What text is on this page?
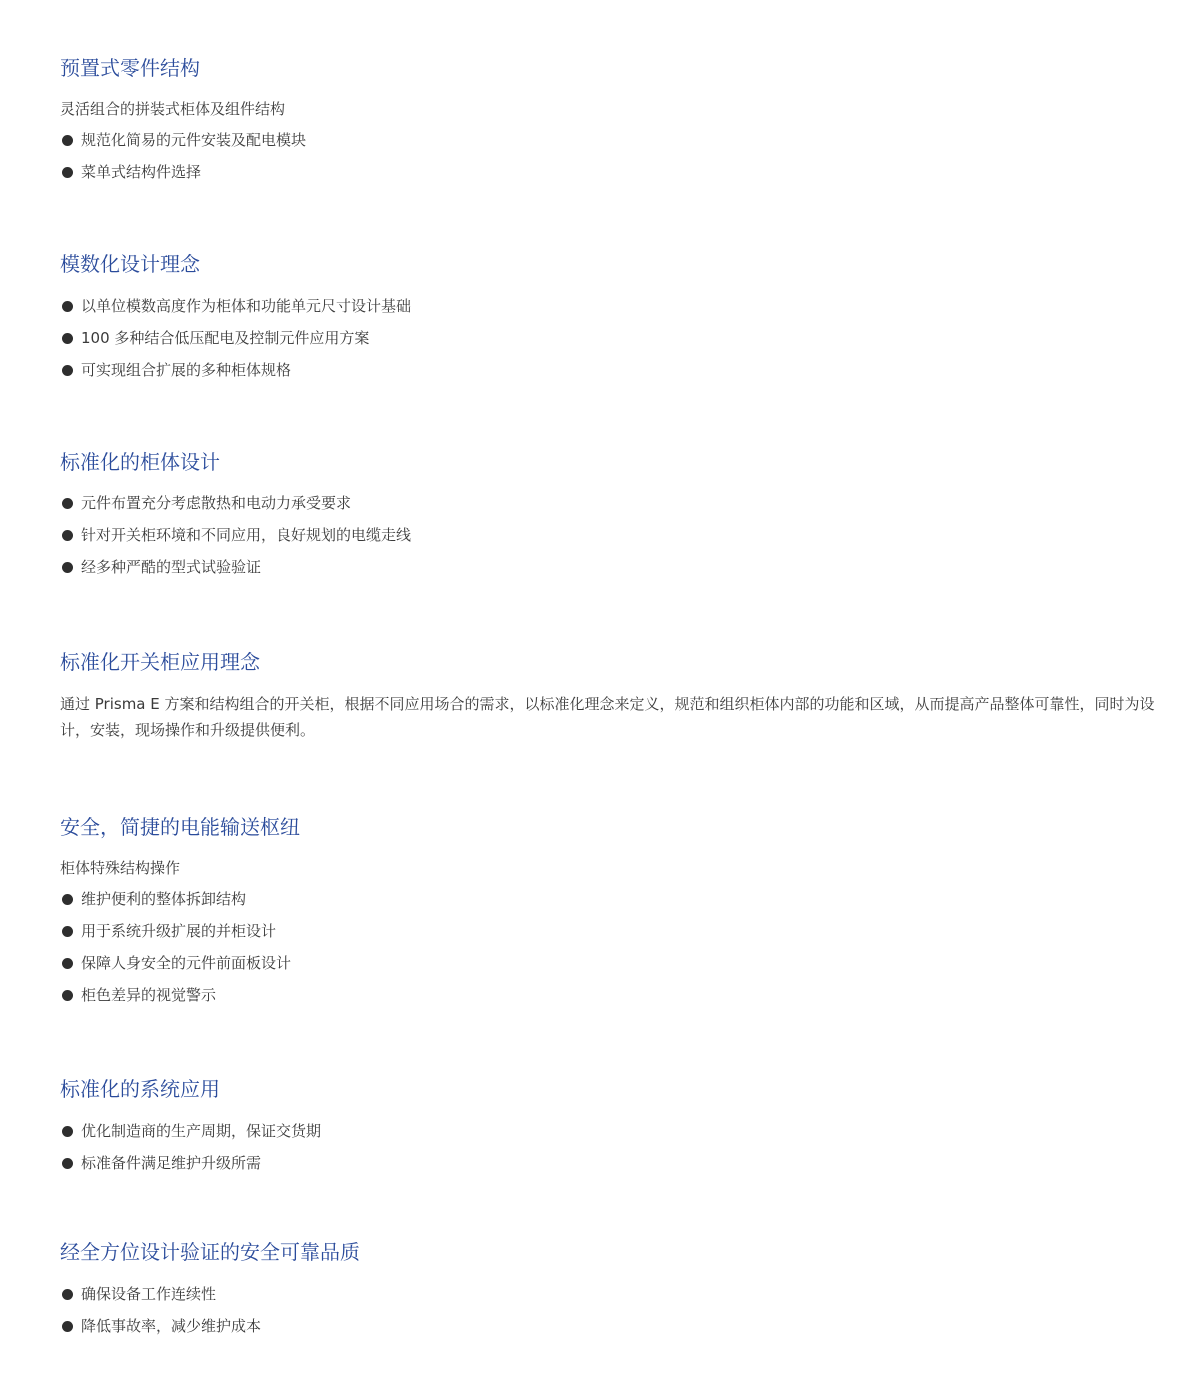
预置式零件结构

灵活组合的拼装式柜体及组件结构

规范化简易的元件安装及配电模块
菜单式结构件选择
模数化设计理念
以单位模数高度作为柜体和功能单元尺寸设计基础
100 多种结合低压配电及控制元件应用方案
可实现组合扩展的多种柜体规格
标准化的柜体设计
元件布置充分考虑散热和电动力承受要求
针对开关柜环境和不同应用，良好规划的电缆走线
经多种严酷的型式试验验证
标准化开关柜应用理念

通过 Prisma E 方案和结构组合的开关柜，根据不同应用场合的需求，以标准化理念来定义，规范和组织柜体内部的功能和区域，从而提高产品整体可靠性，同时为设计，安装，现场操作和升级提供便利。

安全，简捷的电能输送枢纽

柜体特殊结构操作

维护便利的整体拆卸结构
用于系统升级扩展的并柜设计
保障人身安全的元件前面板设计
柜色差异的视觉警示
标准化的系统应用
优化制造商的生产周期，保证交货期
标准备件满足维护升级所需
经全方位设计验证的安全可靠品质
确保设备工作连续性
降低事故率，减少维护成本
